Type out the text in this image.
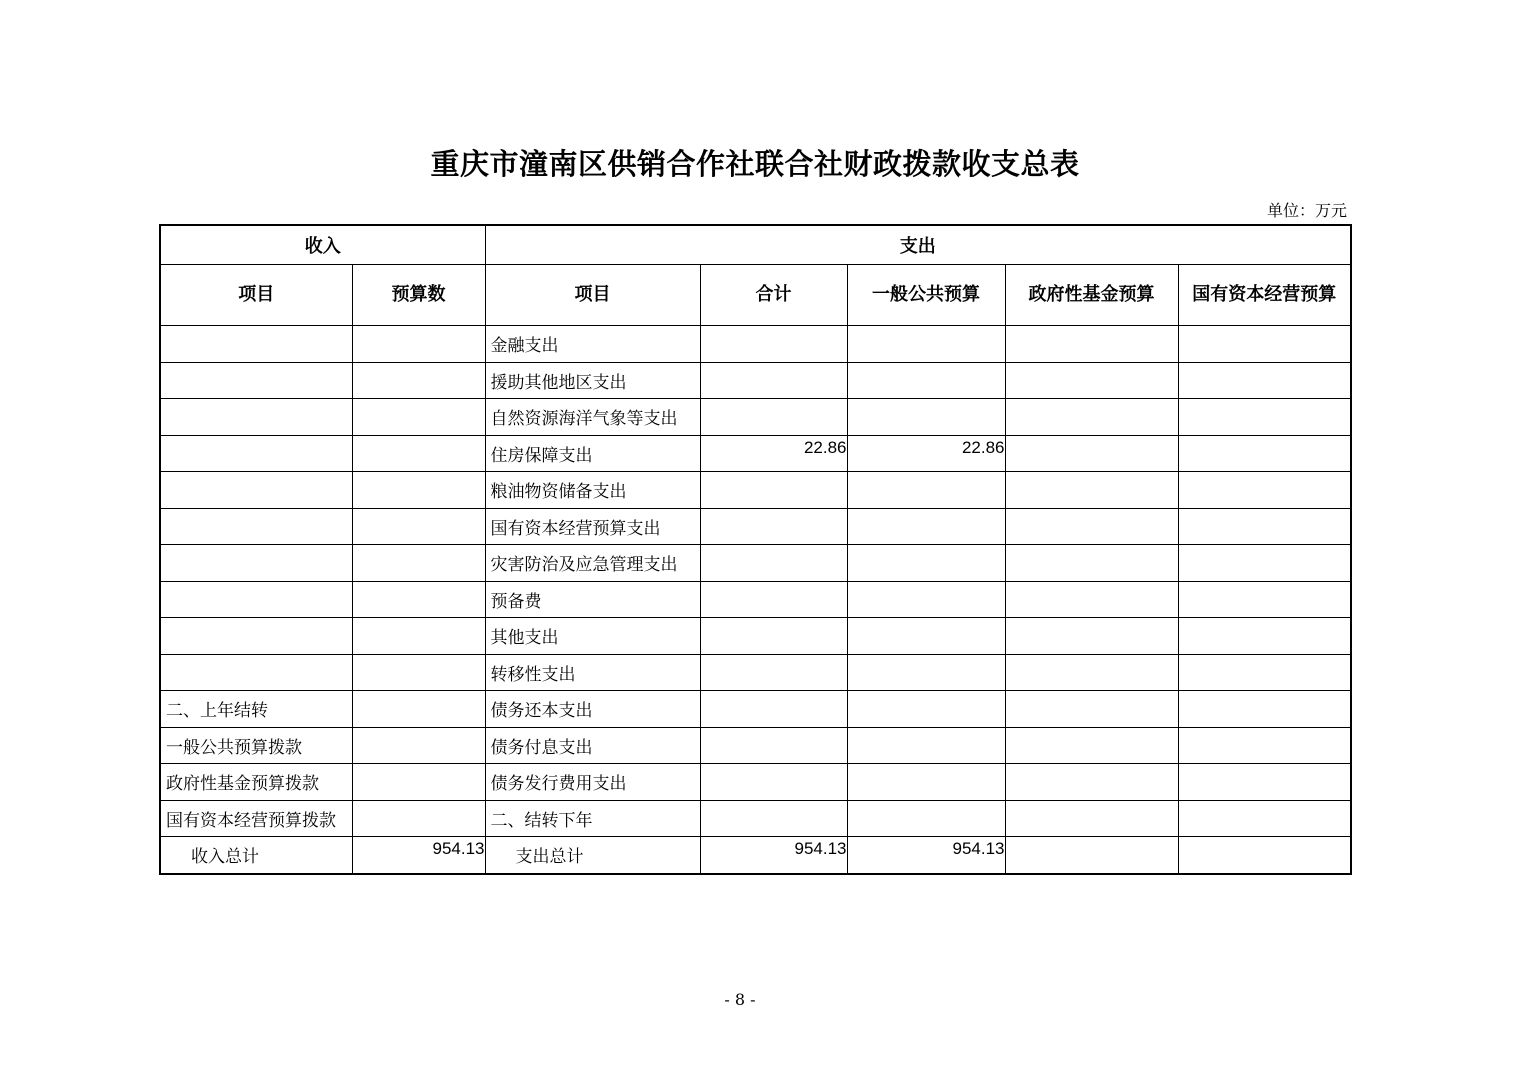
重庆市潼南区供销合作社联合社财政拨款收支总表
单位：万元
收入		支出				
项目	预算数	项目	合计	一般公共预算	政府性基金预算	国有资本经营预算
		金融支出				
		援助其他地区支出				
		自然资源海洋气象等支出				
		住房保障支出	22.86	22.86		
		粮油物资储备支出				
		国有资本经营预算支出				
		灾害防治及应急管理支出				
		预备费				
		其他支出				
		转移性支出				
二、上年结转		债务还本支出				
一般公共预算拨款		债务付息支出				
政府性基金预算拨款		债务发行费用支出				
国有资本经营预算拨款		二、结转下年				
收入总计	954.13	支出总计	954.13	954.13		
- 8 -
